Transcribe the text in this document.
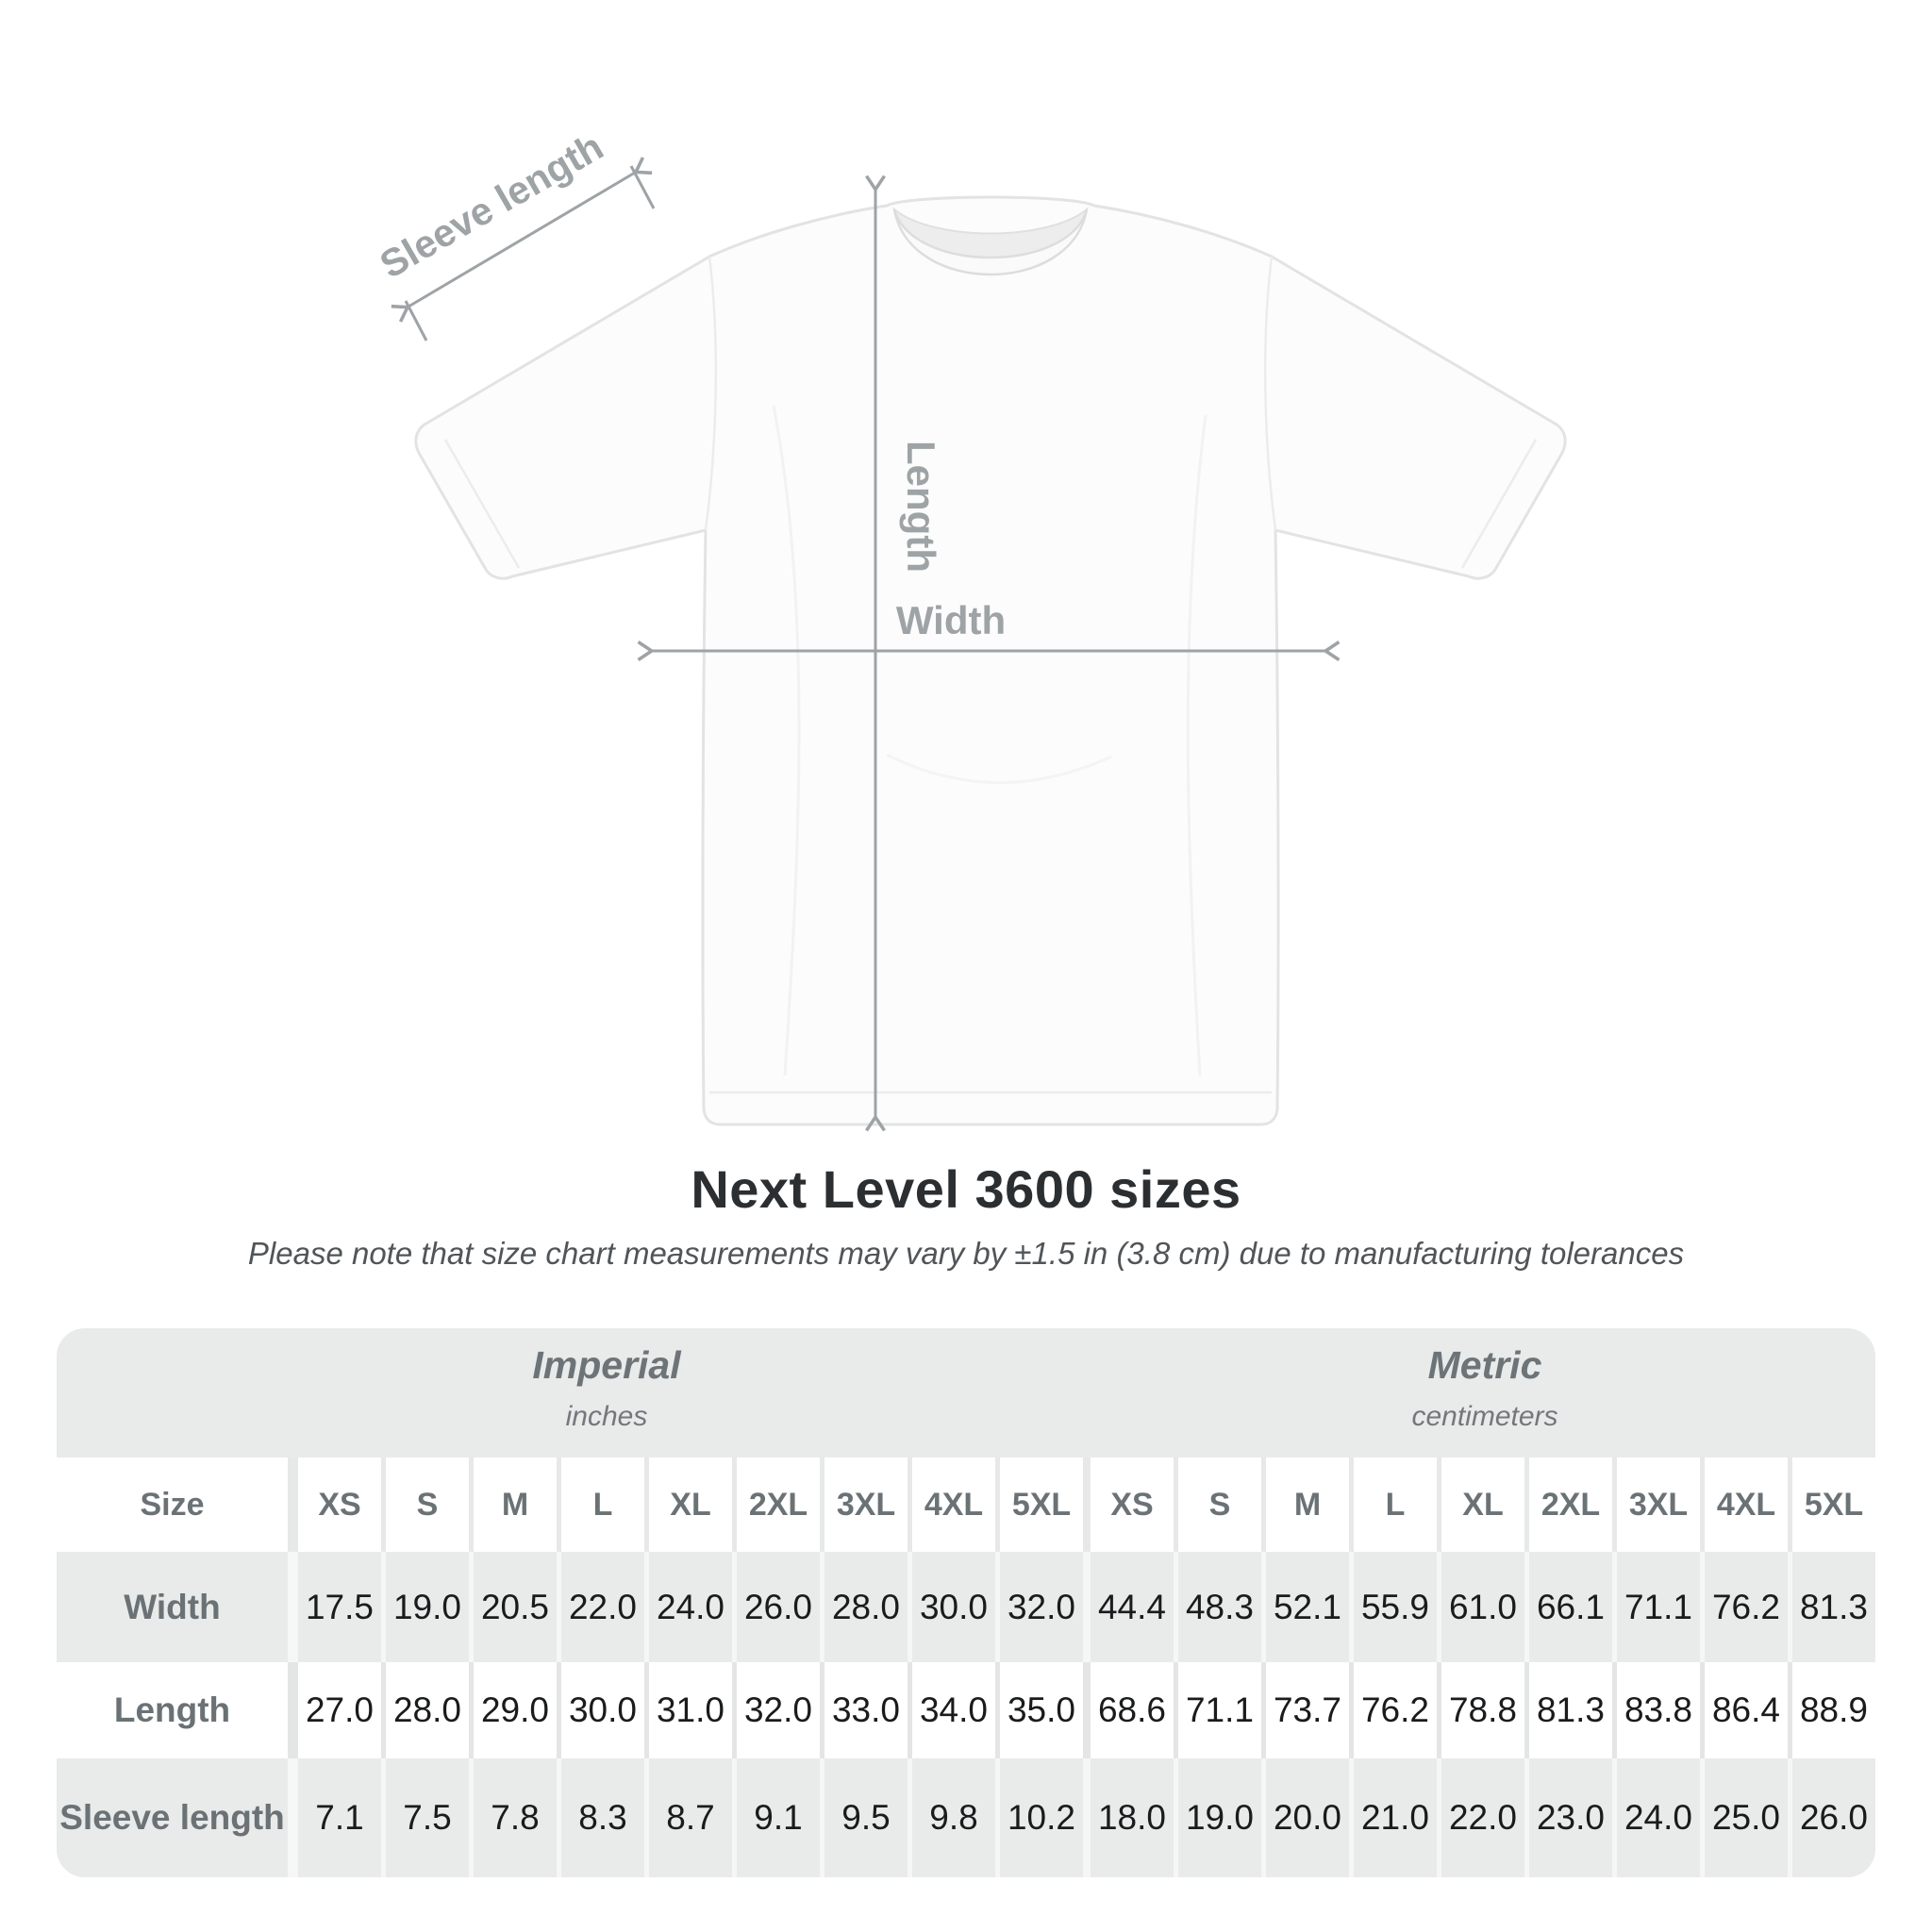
Sleeve length
Length
Width
Next Level 3600 sizes
Please note that size chart measurements may vary by ±1.5 in (3.8 cm) due to manufacturing tolerances
Imperial
inches
Metric
centimeters
Size	XS	S	M	L	XL	2XL 3XL 4XL 5XL	XS	S	M	L	XL	2XL 3XL 4XL 5XL
Width	17.5 19.0 20.5 22.0 24.0 26.0 28.0 30.0 32.0 44.4 48.3 52.1 55.9 61.0 66.1 71.1 76.2 81.3
Length	27.0 28.0 29.0 30.0 31.0 32.0 33.0 34.0 35.0 68.6 71.1 73.7 76.2 78.8 81.3 83.8 86.4 88.9
Sleeve length 7.1	7.5	7.8	8.3	8.7	9.1	9.5	9.8 10.2 18.0 19.0 20.0 21.0 22.0 23.0 24.0 25.0 26.0
